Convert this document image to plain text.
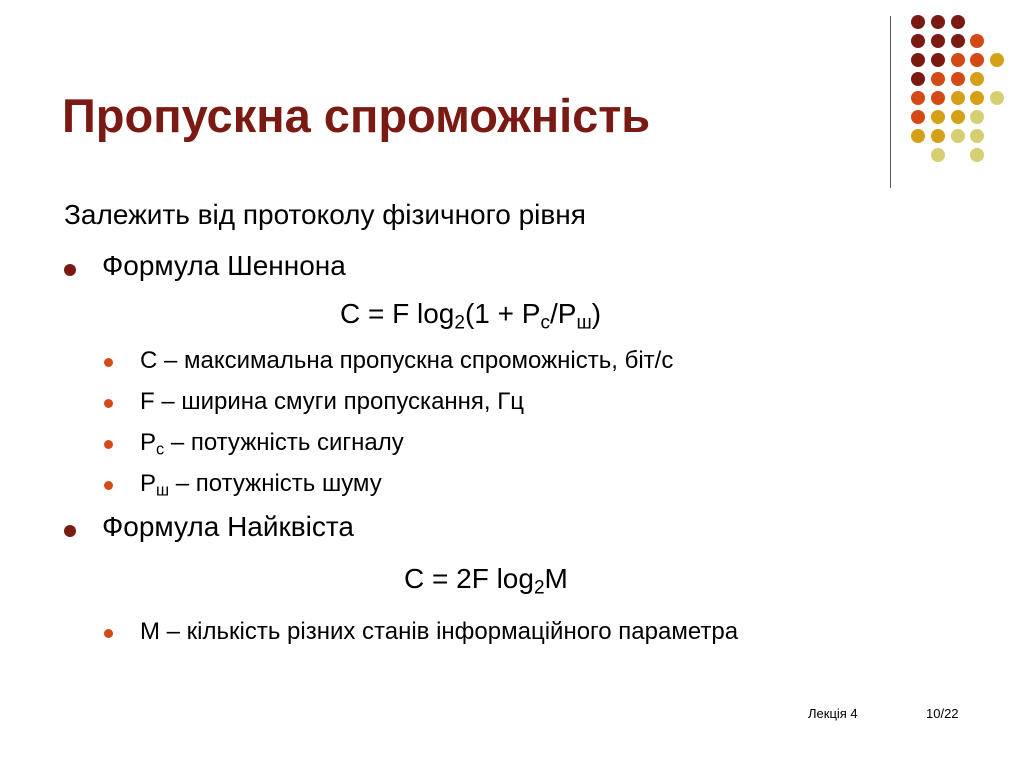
Пропускна спроможність
Залежить від протоколу фізичного рівня
Формула Шеннона
C = F $\log_2(1 + P_c/P_ш)$
C – максимальна пропускна спроможність, біт/с
F – ширина смуги пропускання, Гц
$P_c$ – потужність сигналу
$P_ш$ – потужність шуму
Формула Найквіста
C = 2F $\log_2M$
M – кількість різних станів інформаційного параметра
Лекція 4	10/22
